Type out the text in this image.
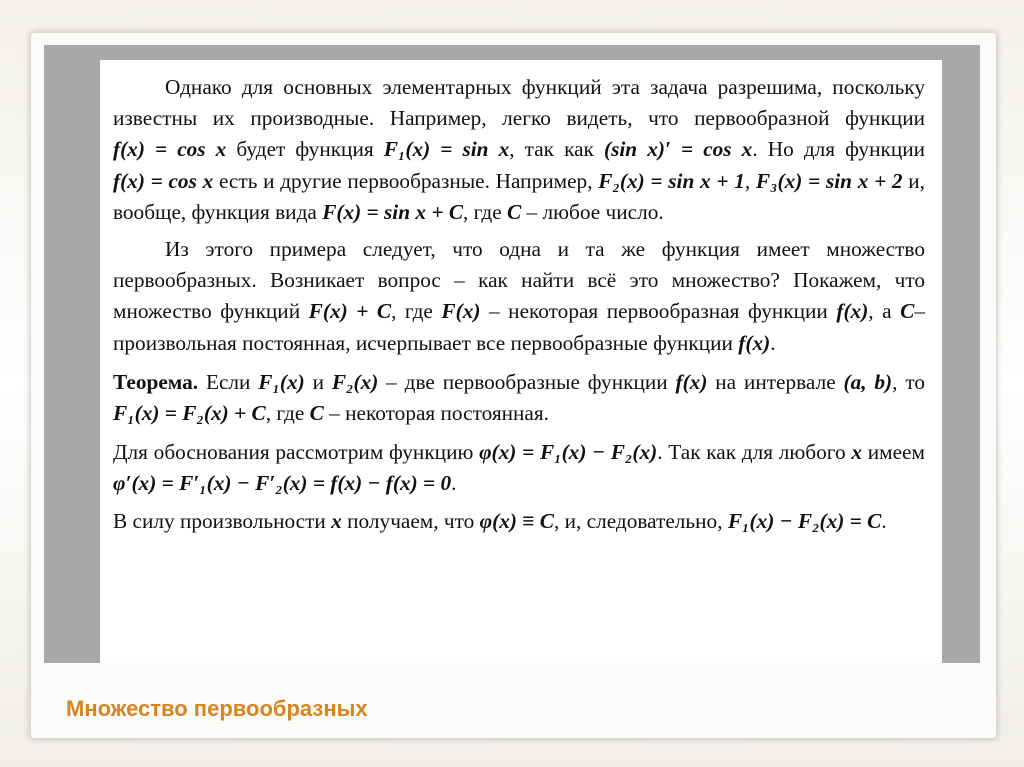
Однако для основных элементарных функций эта задача разрешима, поскольку известны их производные. Например, легко видеть, что первообразной функции f(x) = cos x будет функция F₁(x) = sin x, так как (sin x)′ = cos x. Но для функции f(x) = cos x есть и другие первообразные. Например, F₂(x) = sin x + 1, F₃(x) = sin x + 2 и, вообще, функция вида F(x) = sin x + C, где C – любое число.

Из этого примера следует, что одна и та же функция имеет множество первообразных. Возникает вопрос – как найти всё это множество? Покажем, что множество функций F(x) + C, где F(x) – некоторая первообразная функции f(x), а C– произвольная постоянная, исчерпывает все первообразные функции f(x).

Теорема. Если F₁(x) и F₂(x) – две первообразные функции f(x) на интервале (a, b), то F₁(x) = F₂(x) + C, где C – некоторая постоянная.

Для обоснования рассмотрим функцию φ(x) = F₁(x) − F₂(x). Так как для любого x имеем φ′(x) = F′₁(x) − F′₂(x) = f(x) − f(x) = 0.

В силу произвольности x получаем, что φ(x) ≡ C, и, следовательно, F₁(x) − F₂(x) = C.

Множество первообразных
